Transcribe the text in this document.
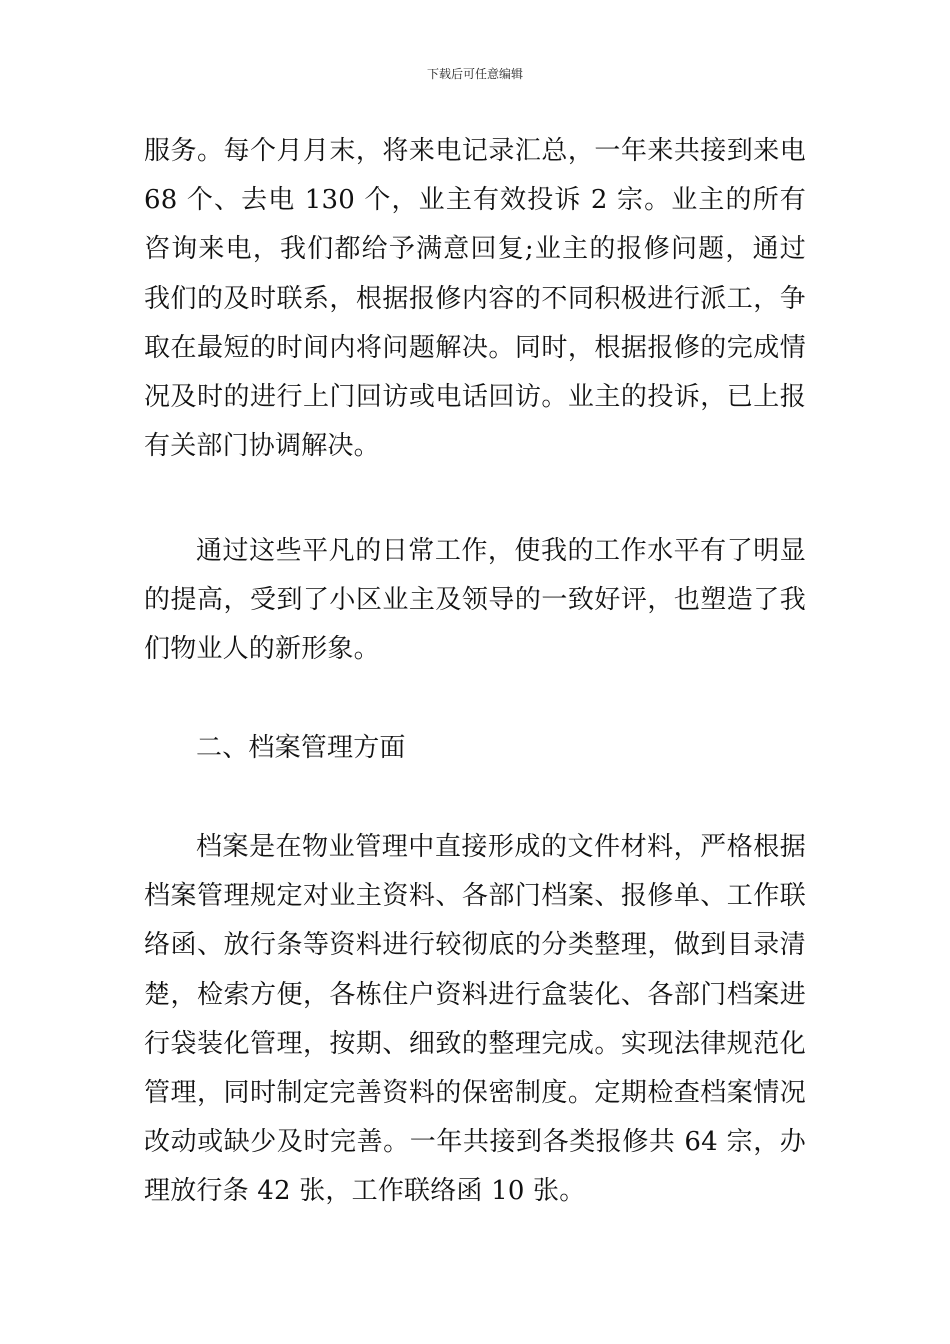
下载后可任意编辑

服务。每个月月末，将来电记录汇总，一年来共接到来电 68 个、去电 130 个，业主有效投诉 2 宗。业主的所有咨询来电，我们都给予满意回复;业主的报修问题，通过我们的及时联系，根据报修内容的不同积极进行派工，争取在最短的时间内将问题解决。同时，根据报修的完成情况及时的进行上门回访或电话回访。业主的投诉，已上报有关部门协调解决。

通过这些平凡的日常工作，使我的工作水平有了明显的提高，受到了小区业主及领导的一致好评，也塑造了我们物业人的新形象。

二、档案管理方面

档案是在物业管理中直接形成的文件材料，严格根据档案管理规定对业主资料、各部门档案、报修单、工作联络函、放行条等资料进行较彻底的分类整理，做到目录清楚，检索方便，各栋住户资料进行盒装化、各部门档案进行袋装化管理，按期、细致的整理完成。实现法律规范化管理，同时制定完善资料的保密制度。定期检查档案情况改动或缺少及时完善。一年共接到各类报修共 64 宗，办理放行条 42 张，工作联络函 10 张。
